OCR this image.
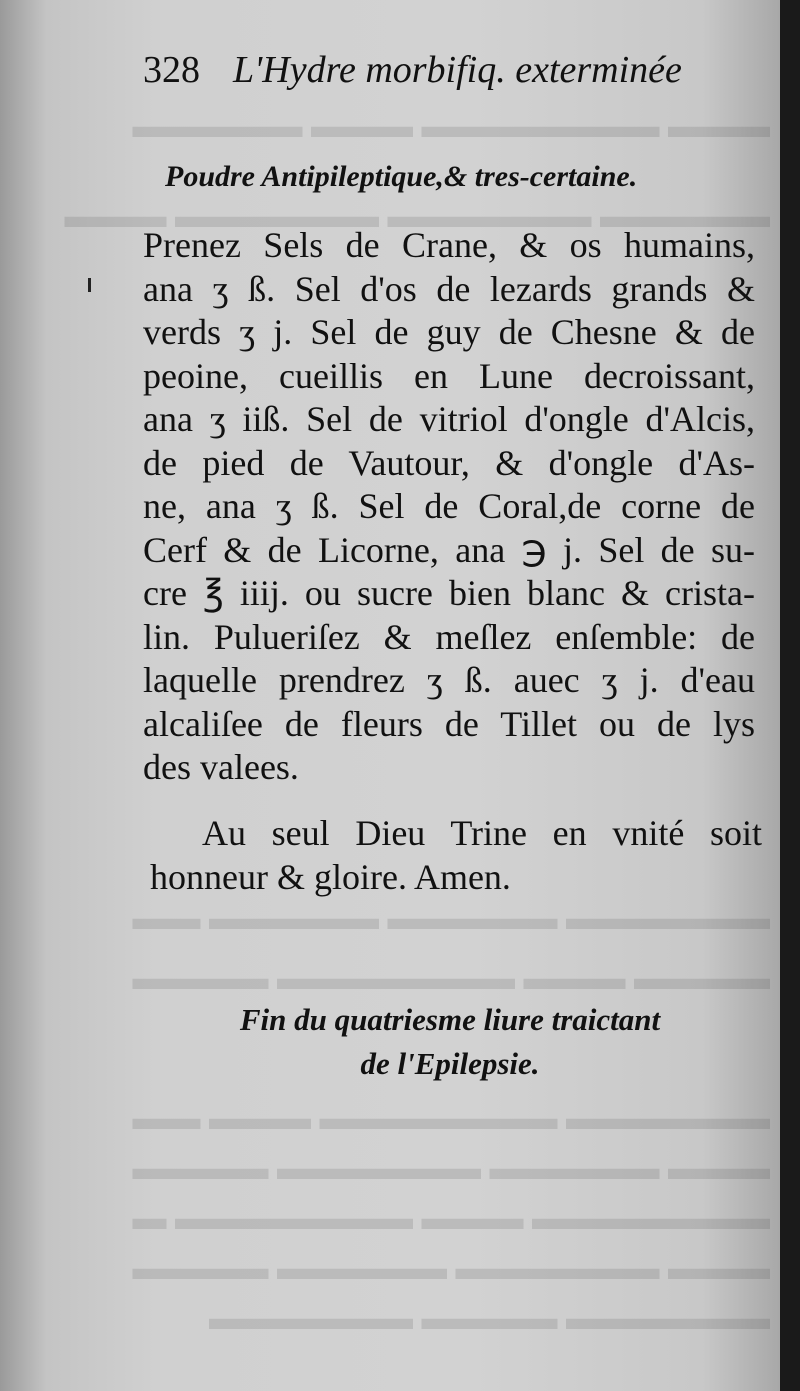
▬▬▬ ▬▬▬▬▬▬▬ ▬▬▬ ▬▬▬▬▬
▬▬▬▬▬ ▬▬▬▬▬▬ ▬▬▬▬▬▬ ▬▬▬
▬▬▬▬▬▬ ▬▬▬▬▬ ▬▬▬▬▬ ▬▬
▬▬▬▬ ▬▬▬ ▬▬▬▬▬▬▬ ▬▬▬▬
▬▬▬▬▬▬ ▬▬▬▬▬▬▬ ▬▬▬ ▬▬
▬▬▬ ▬▬▬▬▬ ▬▬▬▬▬▬ ▬▬▬▬
▬▬▬▬▬▬▬ ▬▬▬ ▬▬▬▬▬▬▬ ▬
▬▬▬ ▬▬▬▬▬▬ ▬▬▬▬▬ ▬▬▬▬
▬▬▬▬▬▬ ▬▬▬▬ ▬▬▬▬▬▬
328 L'Hydre morbifiq. exterminée
Poudre Antipileptique,& tres-certaine.
Prenez Sels de Crane, & os humains,
ana ʒ ß. Sel d'os de lezards grands &
verds ʒ j. Sel de guy de Chesne & de
peoine, cueillis en Lune decroissant,
ana ʒ iiß. Sel de vitriol d'ongle d'Alcis,
de pied de Vautour, & d'ongle d'As-
ne, ana ʒ ß. Sel de Coral,de corne de
Cerf & de Licorne, ana ℈ j. Sel de su-
cre ℥ iiij. ou sucre bien blanc & crista-
lin. Pulueriſez & meſlez enſemble: de
laquelle prendrez ʒ ß. auec ʒ j. d'eau
alcaliſee de fleurs de Tillet ou de lys
des valees.
Au seul Dieu Trine en vnité soit
honneur & gloire. Amen.
Fin du quatriesme liure traictant
de l'Epilepsie.
